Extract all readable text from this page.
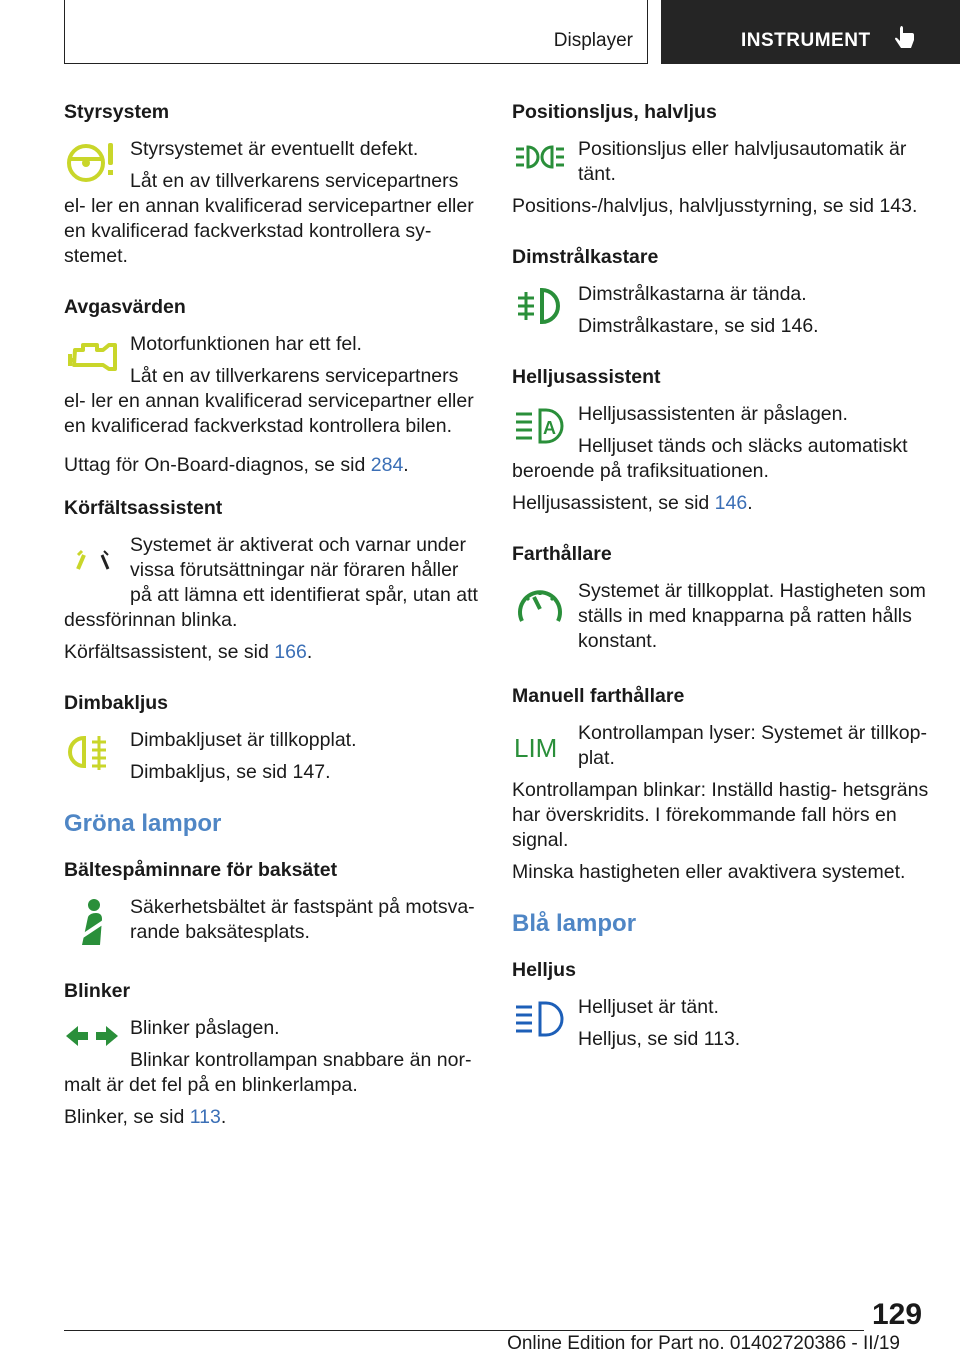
Displayer	INSTRUMENT
Styrsystem

Styrsystemet är eventuellt defekt.

Låt en av tillverkarens servicepartners el‐ ler en annan kvalificerad servicepartner eller en kvalificerad fackverkstad kontrollera sy‐ stemet.

Avgasvärden

Motorfunktionen har ett fel.

Låt en av tillverkarens servicepartners el‐ ler en annan kvalificerad servicepartner eller en kvalificerad fackverkstad kontrollera bilen.

Uttag för On-Board-diagnos, se sid 284.

Körfältsassistent

Systemet är aktiverat och varnar under vissa förutsättningar när föraren håller på att lämna ett identifierat spår, utan att dessförinnan blinka.

Körfältsassistent, se sid 166.

Dimbakljus

Dimbakljuset är tillkopplat.

Dimbakljus, se sid 147.

Gröna lampor
Bältespåminnare för baksätet

Säkerhetsbältet är fastspänt på motsva‐ rande baksätesplats.

Blinker

Blinker påslagen.

Blinkar kontrollampan snabbare än nor‐ malt är det fel på en blinkerlampa.

Blinker, se sid 113.

Positionsljus, halvljus

Positionsljus eller halvljusautomatik är tänt.

Positions-/halvljus, halvljusstyrning, se sid 143.

Dimstrålkastare

Dimstrålkastarna är tända.

Dimstrålkastare, se sid 146.

Helljusassistent
A

Helljusassistenten är påslagen.

Helljuset tänds och släcks automatiskt beroende på trafiksituationen.

Helljusassistent, se sid 146.

Farthållare

Systemet är tillkopplat. Hastigheten som ställs in med knapparna på ratten hålls konstant.

Manuell farthållare
LIM	Kontrollampan lyser: Systemet är tillkop‐ plat.

Kontrollampan blinkar: Inställd hastig‐ hetsgräns har överskridits. I förekommande fall hörs en signal.

Minska hastigheten eller avaktivera systemet.

Blå lampor
Helljus

Helljuset är tänt.

Helljus, se sid 113.

129
Online Edition for Part no. 01402720386 - II/19
